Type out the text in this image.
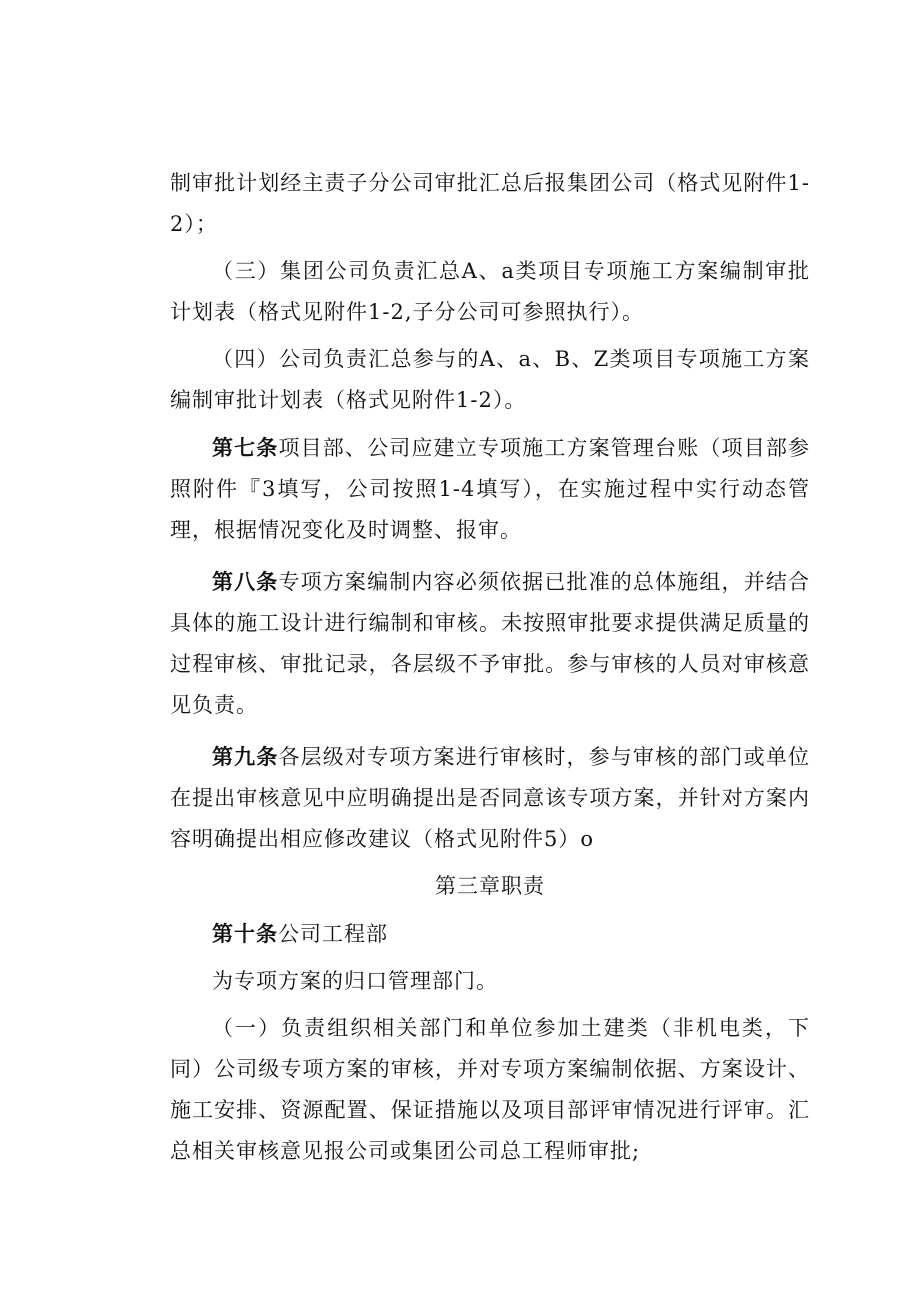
制审批计划经主责子分公司审批汇总后报集团公司（格式见附件1-2）；

（三）集团公司负责汇总A、a类项目专项施工方案编制审批计划表（格式见附件1-2,子分公司可参照执行）。

（四）公司负责汇总参与的A、a、B、Z类项目专项施工方案编制审批计划表（格式见附件1-2）。

第七条项目部、公司应建立专项施工方案管理台账（项目部参照附件『3填写，公司按照1-4填写），在实施过程中实行动态管理，根据情况变化及时调整、报审。

第八条专项方案编制内容必须依据已批准的总体施组，并结合具体的施工设计进行编制和审核。未按照审批要求提供满足质量的过程审核、审批记录，各层级不予审批。参与审核的人员对审核意见负责。

第九条各层级对专项方案进行审核时，参与审核的部门或单位在提出审核意见中应明确提出是否同意该专项方案，并针对方案内容明确提出相应修改建议（格式见附件5）o

第三章职责

第十条公司工程部

为专项方案的归口管理部门。

（一）负责组织相关部门和单位参加土建类（非机电类，下同）公司级专项方案的审核，并对专项方案编制依据、方案设计、施工安排、资源配置、保证措施以及项目部评审情况进行评审。汇总相关审核意见报公司或集团公司总工程师审批;
